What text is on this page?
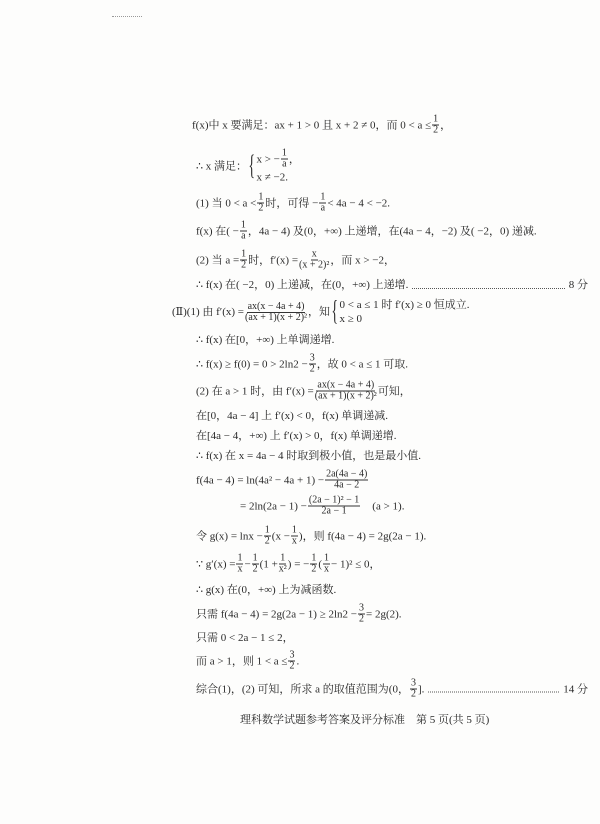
f(x)中 x 要满足：ax + 1 > 0 且 x + 2 ≠ 0，而 $0 < a \le \frac{1}{2}$ ，
∴ x 满足： { x > − $\frac{1}{a}$ ，
x ≠ −2.
(1) 当 $0 < a < \frac{1}{2}$ 时，可得 − $\frac{1}{a} < 4a - 4 < -2$.
f(x) 在( − $\frac{1}{a}$ ，4a − 4) 及(0，+∞) 上递增，在(4a − 4，−2) 及( −2，0) 递减.
(2) 当 $a = \frac{1}{2}$ 时，$f'(x) = \frac{x}{\text{(x + 2)²}}$ ，而 x > −2，
∴ f(x) 在( −2，0) 上递减，在(0，+∞) 上递增.	8 分
(Ⅱ)(1) 由 $f'(x) = \frac{ax(x - 4a + 4)}{\text{(ax + 1)(x + 2)²}}$ ，知 { 0 < a ≤ 1 时 f′(x) ≥ 0 恒成立.
x ≥ 0
∴ f(x) 在[0，+∞) 上单调递增.
∴ $f(x) \ge f(0) = 0 > 2\ln 2 - \frac{3}{2}$ ，故 0 < a ≤ 1 可取.
(2) 在 a > 1 时，由 $f'(x) = \frac{ax(x - 4a + 4)}{\text{(ax + 1)(x + 2)²}}$ 可知，
在[0，4a − 4] 上 f′(x) < 0，f(x) 单调递减.
在[4a − 4，+∞) 上 f′(x) > 0，f(x) 单调递增.
∴ f(x) 在 x = 4a − 4 时取到极小值，也是最小值.
$f(4a - 4) = \ln(4a^2 - 4a + 1) - \frac{2a(4a - 4)}{4a - 2}$
= $2\ln(2a - 1) - \frac{\text{(2a − 1)² − 1}}{2a - 1}$ 　(a > 1).
令 $g(x) = \ln x - \frac{1}{2} (x - \frac{1}{x}$ )，则 f(4a − 4) = 2g(2a − 1).
∵ $g'(x) = \frac{1}{x} - \frac{1}{2} (1 + \frac{1}{\text{x²}}$ ) = − $\frac{1}{2}$ ( $\frac{1}{x} - 1)^2 \le 0$，
∴ g(x) 在(0，+∞) 上为减函数.
只需 $f(4a - 4) = 2g(2a - 1) \ge 2\ln 2 - \frac{3}{2} = 2g(2)$.
只需 0 < 2a − 1 ≤ 2，
而 a > 1，则 $1 < a \le \frac{3}{2}$ .
综合(1)，(2) 可知，所求 a 的取值范围为(0， $\frac{3}{2}$ ].	14 分
理科数学试题参考答案及评分标准　第 5 页(共 5 页)
